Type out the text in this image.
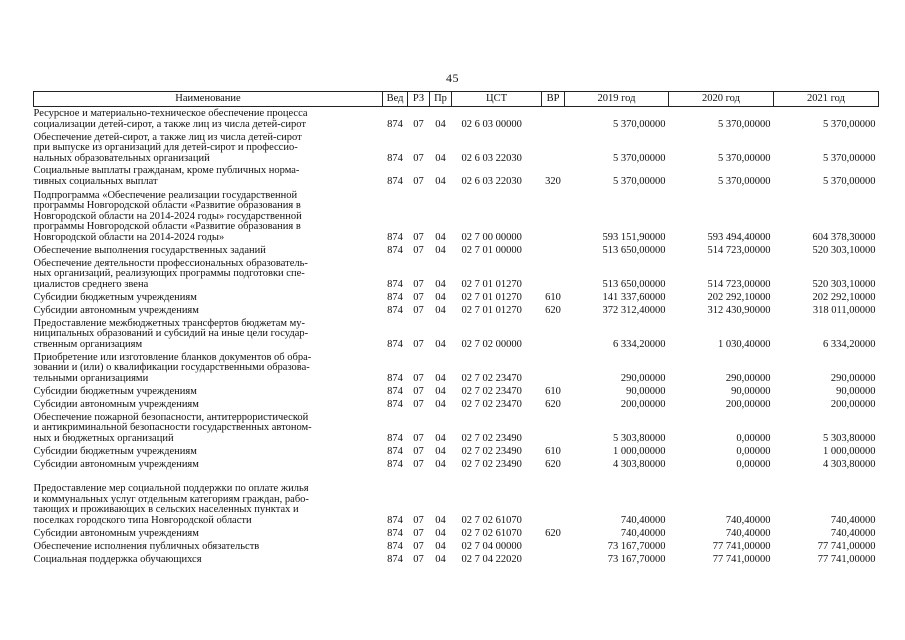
45
Наименование	Вед	РЗ	Пр	ЦСТ	ВР	2019 год	2020 год	2021 год
Ресурсное и материально-техническое обеспечение процесса
социализации детей-сирот, а также лиц из числа детей-сирот	874	07	04	02 6 03 00000		5 370,00000	5 370,00000	5 370,00000
Обеспечение детей-сирот, а также лиц из числа детей-сирот
при выпуске из организаций для детей-сирот и профессио-
нальных образовательных организаций	874	07	04	02 6 03 22030		5 370,00000	5 370,00000	5 370,00000
Социальные выплаты гражданам, кроме публичных норма-
тивных социальных выплат	874	07	04	02 6 03 22030	320	5 370,00000	5 370,00000	5 370,00000
Подпрограмма «Обеспечение реализации государственной
программы Новгородской области «Развитие образования в
Новгородской области на 2014-2024 годы» государственной
программы Новгородской области «Развитие образования в
Новгородской области на 2014-2024 годы»	874	07	04	02 7 00 00000		593 151,90000	593 494,40000	604 378,30000
Обеспечение выполнения государственных заданий	874	07	04	02 7 01 00000		513 650,00000	514 723,00000	520 303,10000
Обеспечение деятельности профессиональных образователь-
ных организаций, реализующих программы подготовки спе-
циалистов среднего звена	874	07	04	02 7 01 01270		513 650,00000	514 723,00000	520 303,10000
Субсидии бюджетным учреждениям	874	07	04	02 7 01 01270	610	141 337,60000	202 292,10000	202 292,10000
Субсидии автономным учреждениям	874	07	04	02 7 01 01270	620	372 312,40000	312 430,90000	318 011,00000
Предоставление межбюджетных трансфертов бюджетам му-
ниципальных образований и субсидий на иные цели государ-
ственным организациям	874	07	04	02 7 02 00000		6 334,20000	1 030,40000	6 334,20000
Приобретение или изготовление бланков документов об обра-
зовании и (или) о квалификации государственными образова-
тельными организациями	874	07	04	02 7 02 23470		290,00000	290,00000	290,00000
Субсидии бюджетным учреждениям	874	07	04	02 7 02 23470	610	90,00000	90,00000	90,00000
Субсидии автономным учреждениям	874	07	04	02 7 02 23470	620	200,00000	200,00000	200,00000
Обеспечение пожарной безопасности, антитеррористической
и антикриминальной безопасности государственных автоном-
ных и бюджетных организаций	874	07	04	02 7 02 23490		5 303,80000	0,00000	5 303,80000
Субсидии бюджетным учреждениям	874	07	04	02 7 02 23490	610	1 000,00000	0,00000	1 000,00000
Субсидии автономным учреждениям	874	07	04	02 7 02 23490	620	4 303,80000	0,00000	4 303,80000
Предоставление мер социальной поддержки по оплате жилья
и коммунальных услуг отдельным категориям граждан, рабо-
тающих и проживающих в сельских населенных пунктах и
поселках городского типа Новгородской области	874	07	04	02 7 02 61070		740,40000	740,40000	740,40000
Субсидии автономным учреждениям	874	07	04	02 7 02 61070	620	740,40000	740,40000	740,40000
Обеспечение исполнения публичных обязательств	874	07	04	02 7 04 00000		73 167,70000	77 741,00000	77 741,00000
Социальная поддержка обучающихся	874	07	04	02 7 04 22020		73 167,70000	77 741,00000	77 741,00000
